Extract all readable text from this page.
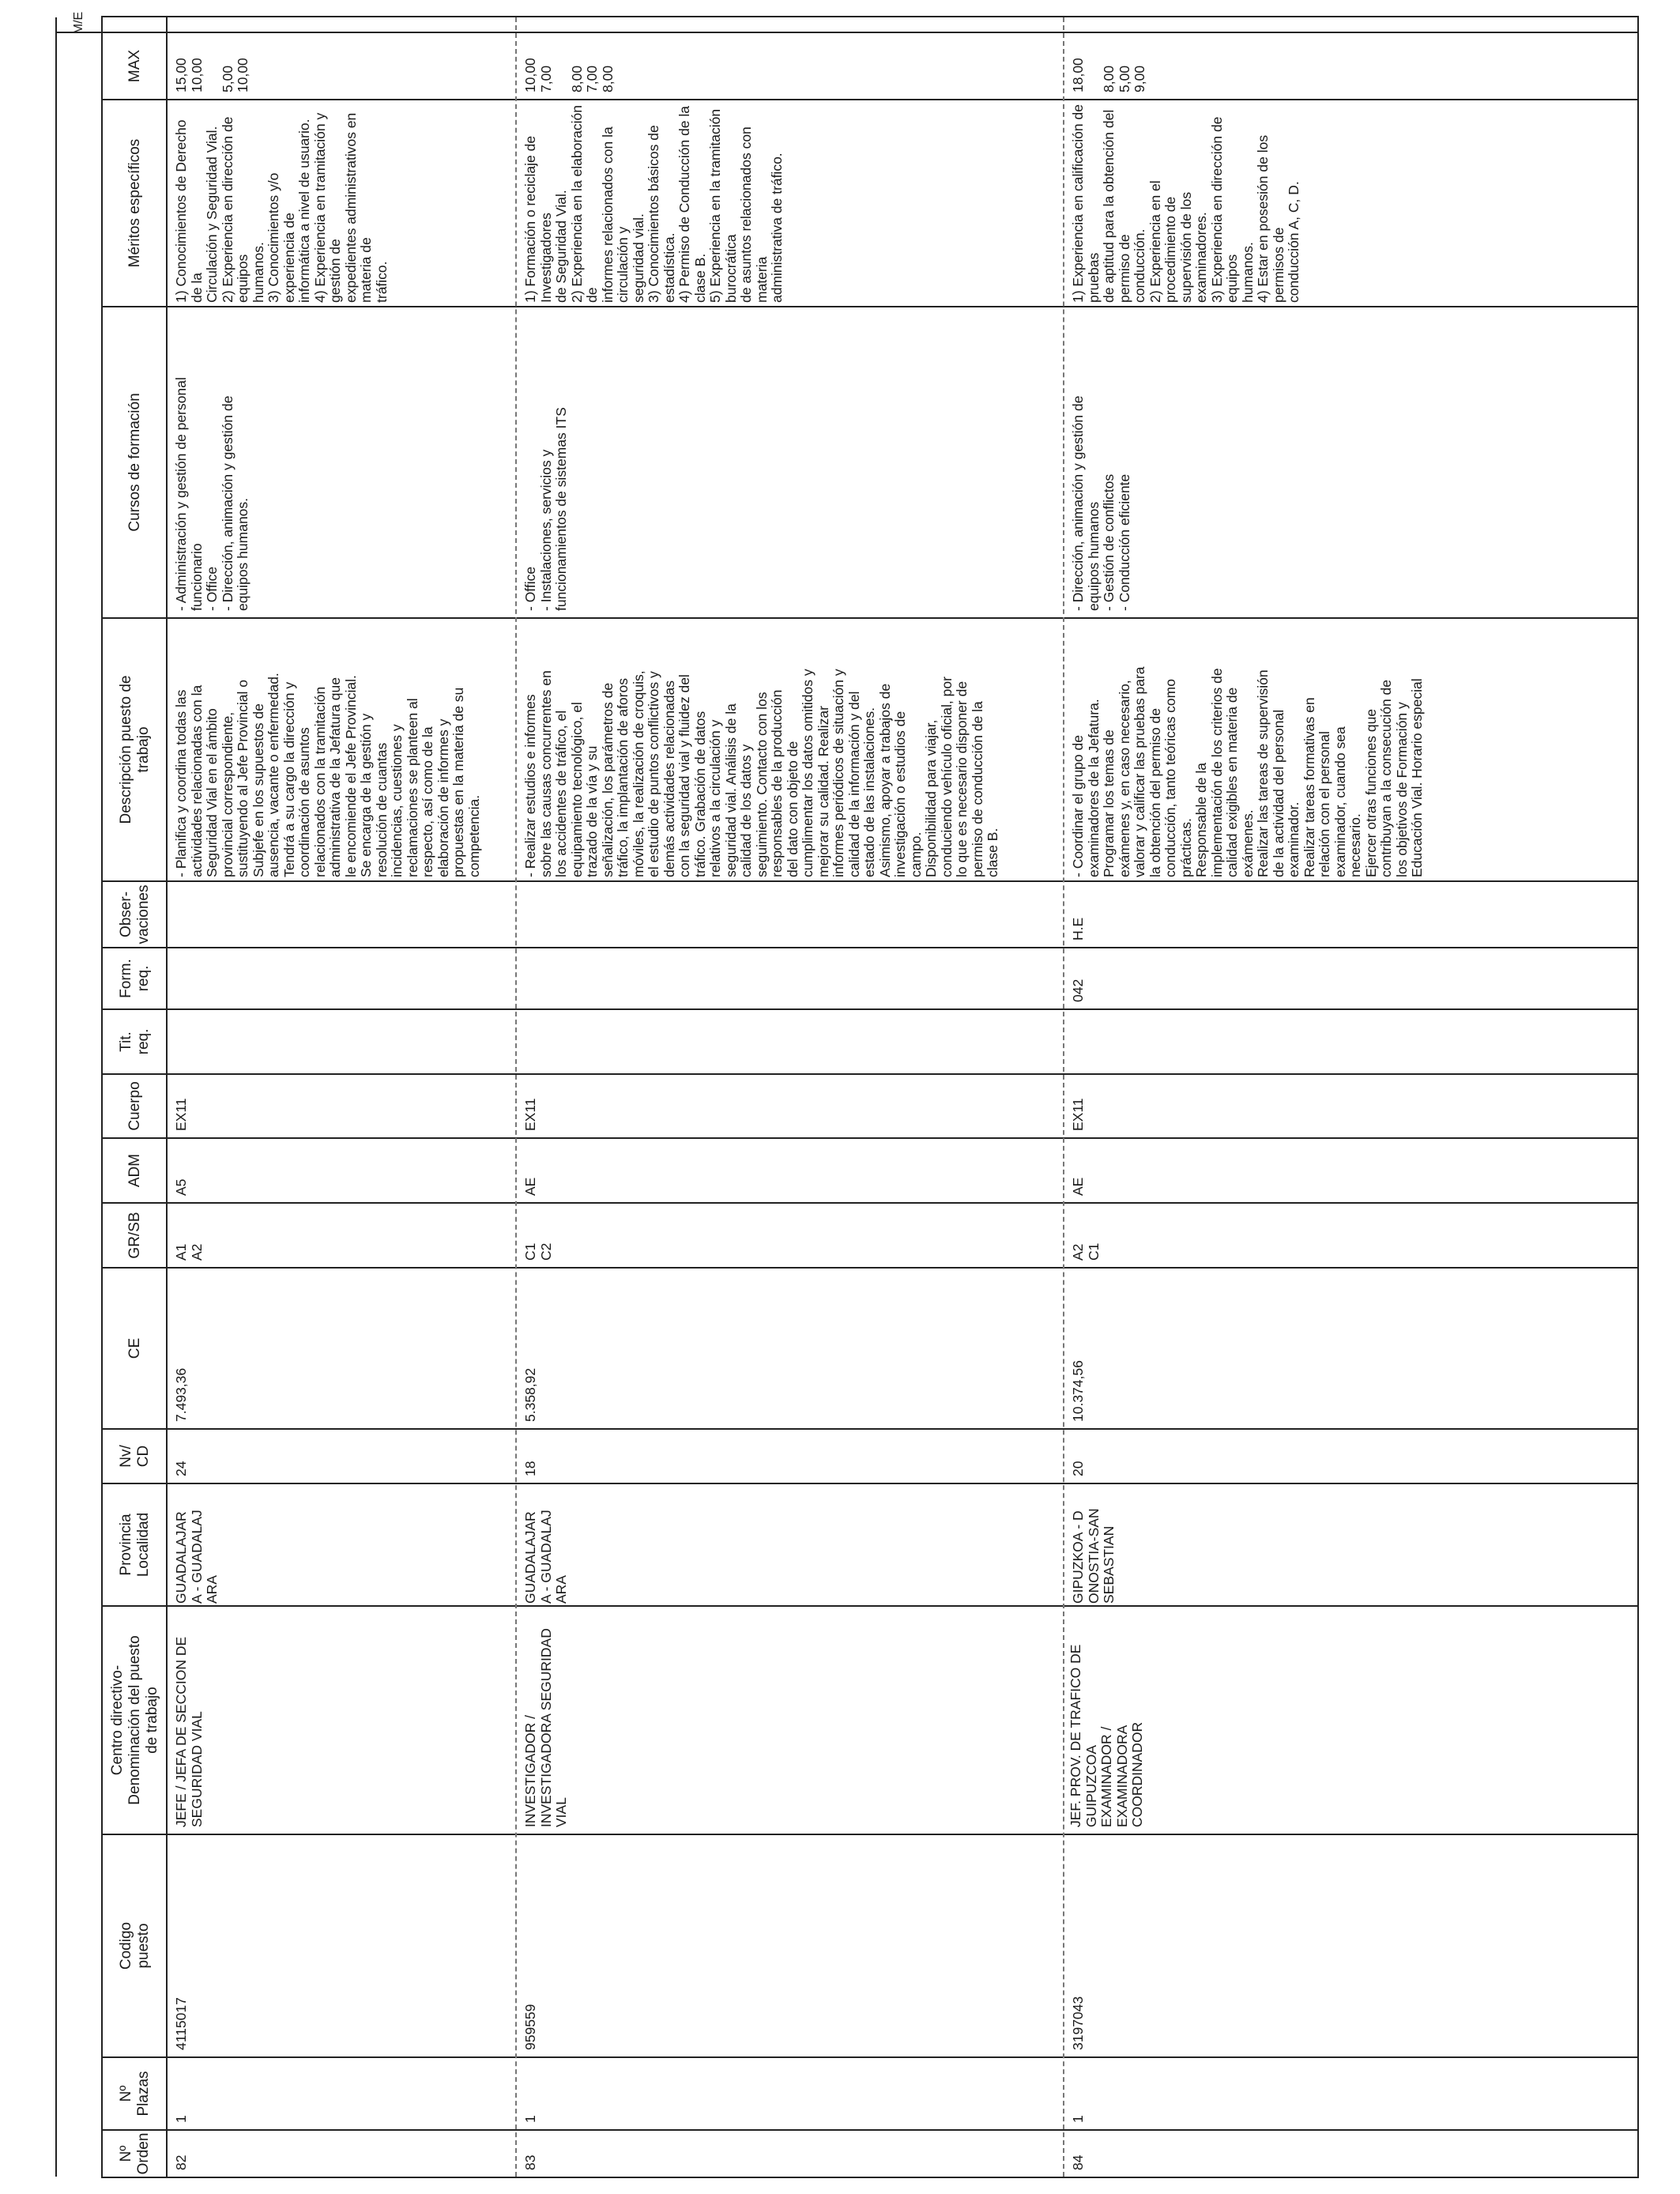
Nº
Orden
Nº
Plazas
Codigo
puesto
Centro directivo-
Denominación del puesto
de trabajo
Provincia
Localidad
Nv/
CD
CE
GR/SB
ADM
Cuerpo
Tit.
req.
Form.
req.
Obser-
vaciones
Descripción puesto de
trabajo
Cursos de formación
Méritos específicos
MAX
M/E
82
1
4115017
JEFE / JEFA DE SECCION DE
SEGURIDAD VIAL
GUADALAJAR
A - GUADALAJ
ARA
24
7.493,36
A1
A2
A5
EX11
- Planifica y coordina todas las
actividades relacionadas con la
Seguridad Vial en el ámbito
provincial correspondiente,
sustituyendo al Jefe Provincial o
Subjefe en los supuestos de
ausencia, vacante o enfermedad.
Tendrá a su cargo la dirección y
coordinación de asuntos
relacionados con la tramitación
administrativa de la Jefatura que
le encomiende el Jefe Provincial.
Se encarga de la gestión y
resolución de cuantas
incidencias, cuestiones y
reclamaciones se planteen al
respecto, así como de la
elaboración de informes y
propuestas en la materia de su
competencia.
- Administración y gestión de personal
funcionario
- Office
- Dirección, animación y gestión de
equipos humanos.
1) Conocimientos de Derecho de la
Circulación y Seguridad Vial.
2) Experiencia en dirección de equipos
humanos.
3) Conocimientos y/o experiencia de
informática a nivel de usuario.
4) Experiencia en tramitación y gestión de
expedientes administrativos en materia de
tráfico.
15,00
10,00

5,00
10,00
83
1
959559
INVESTIGADOR /
INVESTIGADORA SEGURIDAD
VIAL
GUADALAJAR
A - GUADALAJ
ARA
18
5.358,92
C1
C2
AE
EX11
- Realizar estudios e informes
sobre las causas concurrentes en
los accidentes de tráfico, el
equipamiento tecnológico, el
trazado de la vía y su
señalización, los parámetros de
tráfico, la implantación de aforos
móviles, la realización de croquis,
el estudio de puntos conflictivos y
demás actividades relacionadas
con la seguridad vial y fluidez del
tráfico. Grabación de datos
relativos a la circulación y
seguridad vial. Análisis de la
calidad de los datos y
seguimiento. Contacto con los
responsables de la producción
del dato con objeto de
cumplimentar los datos omitidos y
mejorar su calidad. Realizar
informes periódicos de situación y
calidad de la información y del
estado de las instalaciones.
Asimismo, apoyar a trabajos de
investigación o estudios de
campo.
Disponibilidad para viajar,
conduciendo vehículo oficial, por
lo que es necesario disponer de
permiso de conducción de la
clase B.
- Office
- Instalaciones, servicios y
funcionamientos de sistemas ITS
1) Formación o reciclaje de Investigadores
de Seguridad Vial.
2) Experiencia en la elaboración de
informes relacionados con la circulación y
seguridad vial.
3) Conocimientos básicos de estadística.
4) Permiso de Conducción de la clase B.
5) Experiencia en la tramitación burocrática
de asuntos relacionados con materia
administrativa de tráfico.
10,00
7,00

8,00
7,00
8,00
84
1
3197043
JEF. PROV. DE TRAFICO DE
GUIPUZCOA EXAMINADOR /
EXAMINADORA
COORDINADOR
GIPUZKOA - D
ONOSTIA-SAN
SEBASTIAN
20
10.374,56
A2
C1
AE
EX11
042
H.E
- Coordinar el grupo de
examinadores de la Jefatura.
Programar los temas de
exámenes y, en caso necesario,
valorar y calificar las pruebas para
la obtención del permiso de
conducción, tanto teóricas como
prácticas.
Responsable de la
implementación de los criterios de
calidad exigibles en materia de
exámenes.
Realizar las tareas de supervisión
de la actividad del personal
examinador.
Realizar tareas formativas en
relación con el personal
examinador, cuando sea
necesario.
Ejercer otras funciones que
contribuyan a la consecución de
los objetivos de Formación y
Educación Vial. Horario especial
- Dirección, animación y gestión de
equipos humanos
- Gestión de conflictos
- Conducción eficiente
1) Experiencia en calificación de pruebas
de aptitud para la obtención del permiso de
conducción.
2) Experiencia en el procedimiento de
supervisión de los examinadores.
3) Experiencia en dirección de equipos
humanos.
4) Estar en posesión de los permisos de
conducción A, C, D.
18,00

8,00
5,00
9,00
